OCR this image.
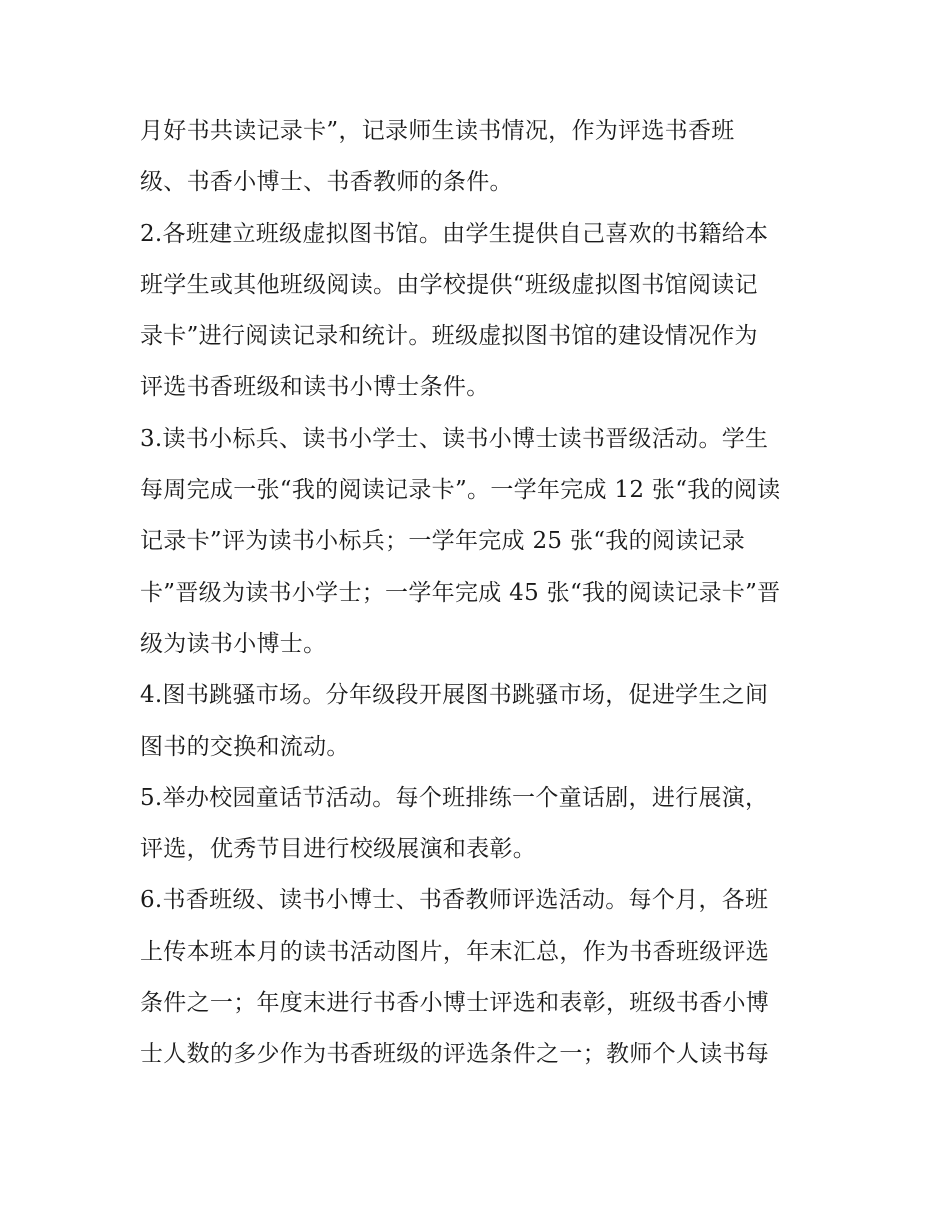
月好书共读记录卡”，记录师生读书情况，作为评选书香班
级、书香小博士、书香教师的条件。
2.各班建立班级虚拟图书馆。由学生提供自己喜欢的书籍给本
班学生或其他班级阅读。由学校提供“班级虚拟图书馆阅读记
录卡”进行阅读记录和统计。班级虚拟图书馆的建设情况作为
评选书香班级和读书小博士条件。
3.读书小标兵、读书小学士、读书小博士读书晋级活动。学生
每周完成一张“我的阅读记录卡”。一学年完成 12 张“我的阅读
记录卡”评为读书小标兵；一学年完成 25 张“我的阅读记录
卡”晋级为读书小学士；一学年完成 45 张“我的阅读记录卡”晋
级为读书小博士。
4.图书跳骚市场。分年级段开展图书跳骚市场，促进学生之间
图书的交换和流动。
5.举办校园童话节活动。每个班排练一个童话剧，进行展演，
评选，优秀节目进行校级展演和表彰。
6.书香班级、读书小博士、书香教师评选活动。每个月，各班
上传本班本月的读书活动图片，年末汇总，作为书香班级评选
条件之一；年度末进行书香小博士评选和表彰，班级书香小博
士人数的多少作为书香班级的评选条件之一；教师个人读书每
